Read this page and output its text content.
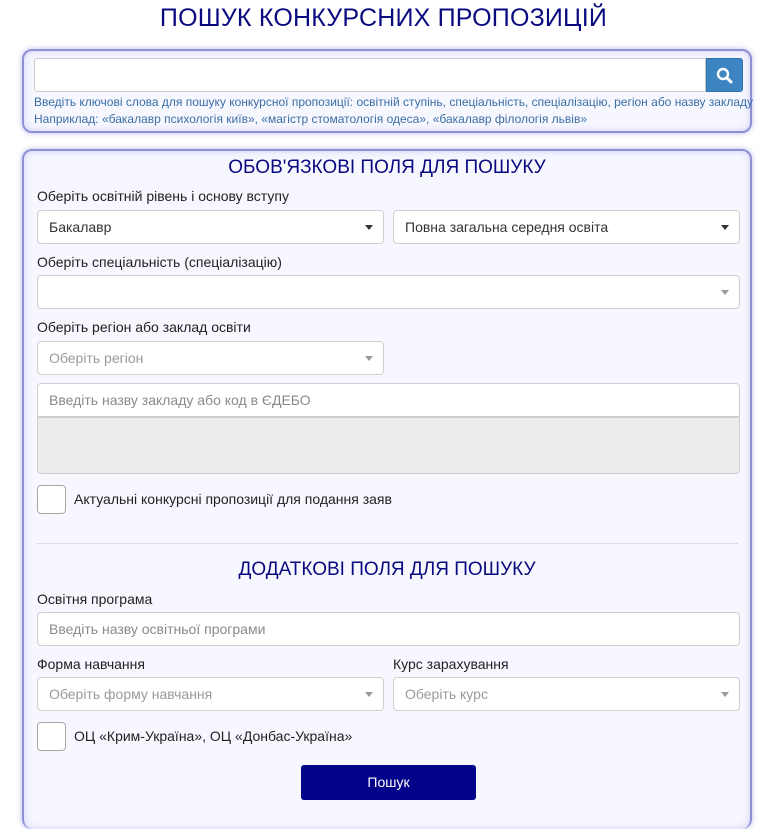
ПОШУК КОНКУРСНИХ ПРОПОЗИЦІЙ
Введіть ключові слова для пошуку конкурсної пропозиції: освітній ступінь, спеціальність, спеціалізацію, регіон або назву закладу
Наприклад: «бакалавр психологія київ», «магістр стоматологія одеса», «бакалавр філологія львів»
ОБОВ'ЯЗКОВІ ПОЛЯ ДЛЯ ПОШУКУ
Оберіть освітній рівень і основу вступу
Бакалавр	Повна загальна середня освіта
Оберіть спеціальність (спеціалізацію)
Оберіть регіон або заклад освіти
Оберіть регіон
Введіть назву закладу або код в ЄДЕБО
Актуальні конкурсні пропозиції для подання заяв
ДОДАТКОВІ ПОЛЯ ДЛЯ ПОШУКУ
Освітня програма
Введіть назву освітньої програми
Форма навчання
Оберіть форму навчання
Курс зарахування
Оберіть курс
ОЦ «Крим-Україна», ОЦ «Донбас-Україна»
Пошук
